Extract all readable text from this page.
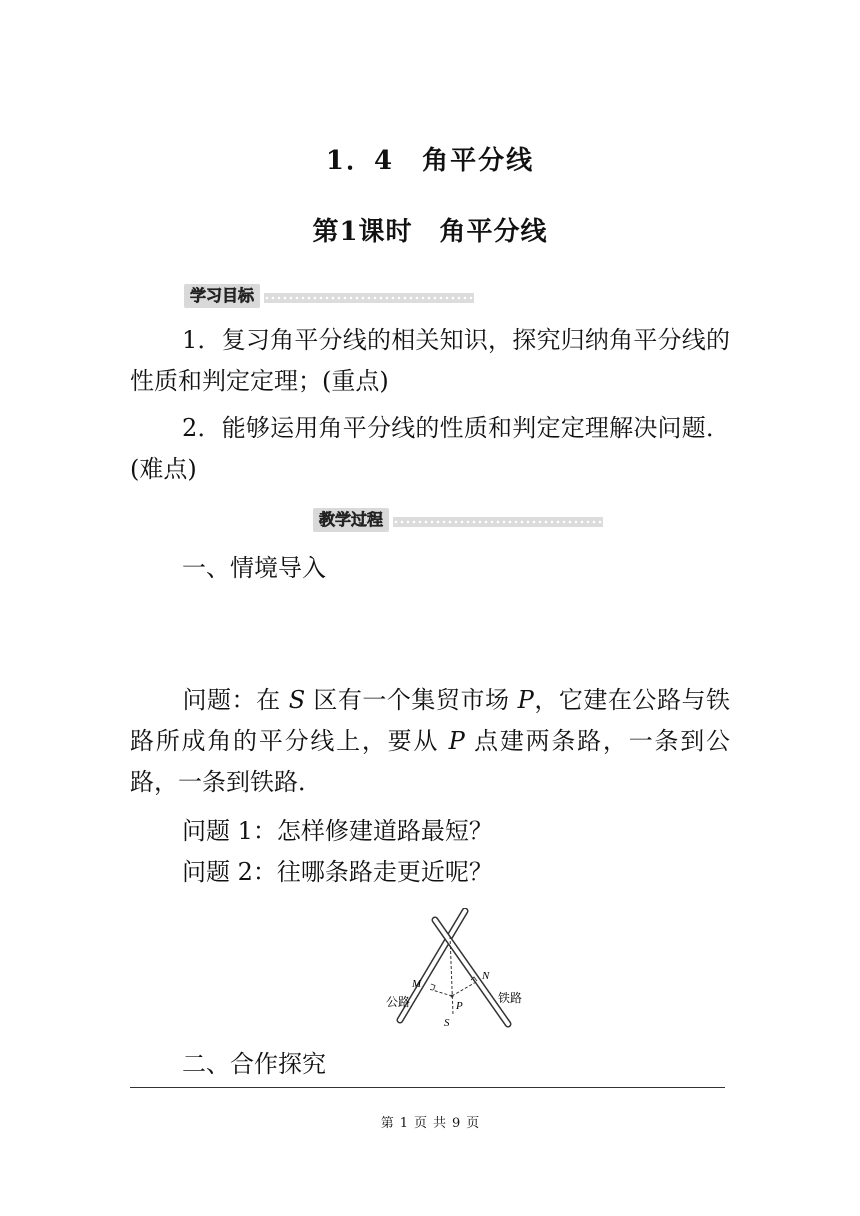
1．4　角平分线
第1课时　角平分线
学习目标
1．复习角平分线的相关知识，探究归纳角平分线的性质和判定定理；(重点)
2．能够运用角平分线的性质和判定定理解决问题．(难点)
教学过程
一、情境导入
问题：在 S 区有一个集贸市场 P，它建在公路与铁路所成角的平分线上，要从 P 点建两条路，一条到公路，一条到铁路．
问题 1：怎样修建道路最短？
问题 2：往哪条路走更近呢？
M
N
P
S
公路	铁路
二、合作探究
第 1 页 共 9 页
